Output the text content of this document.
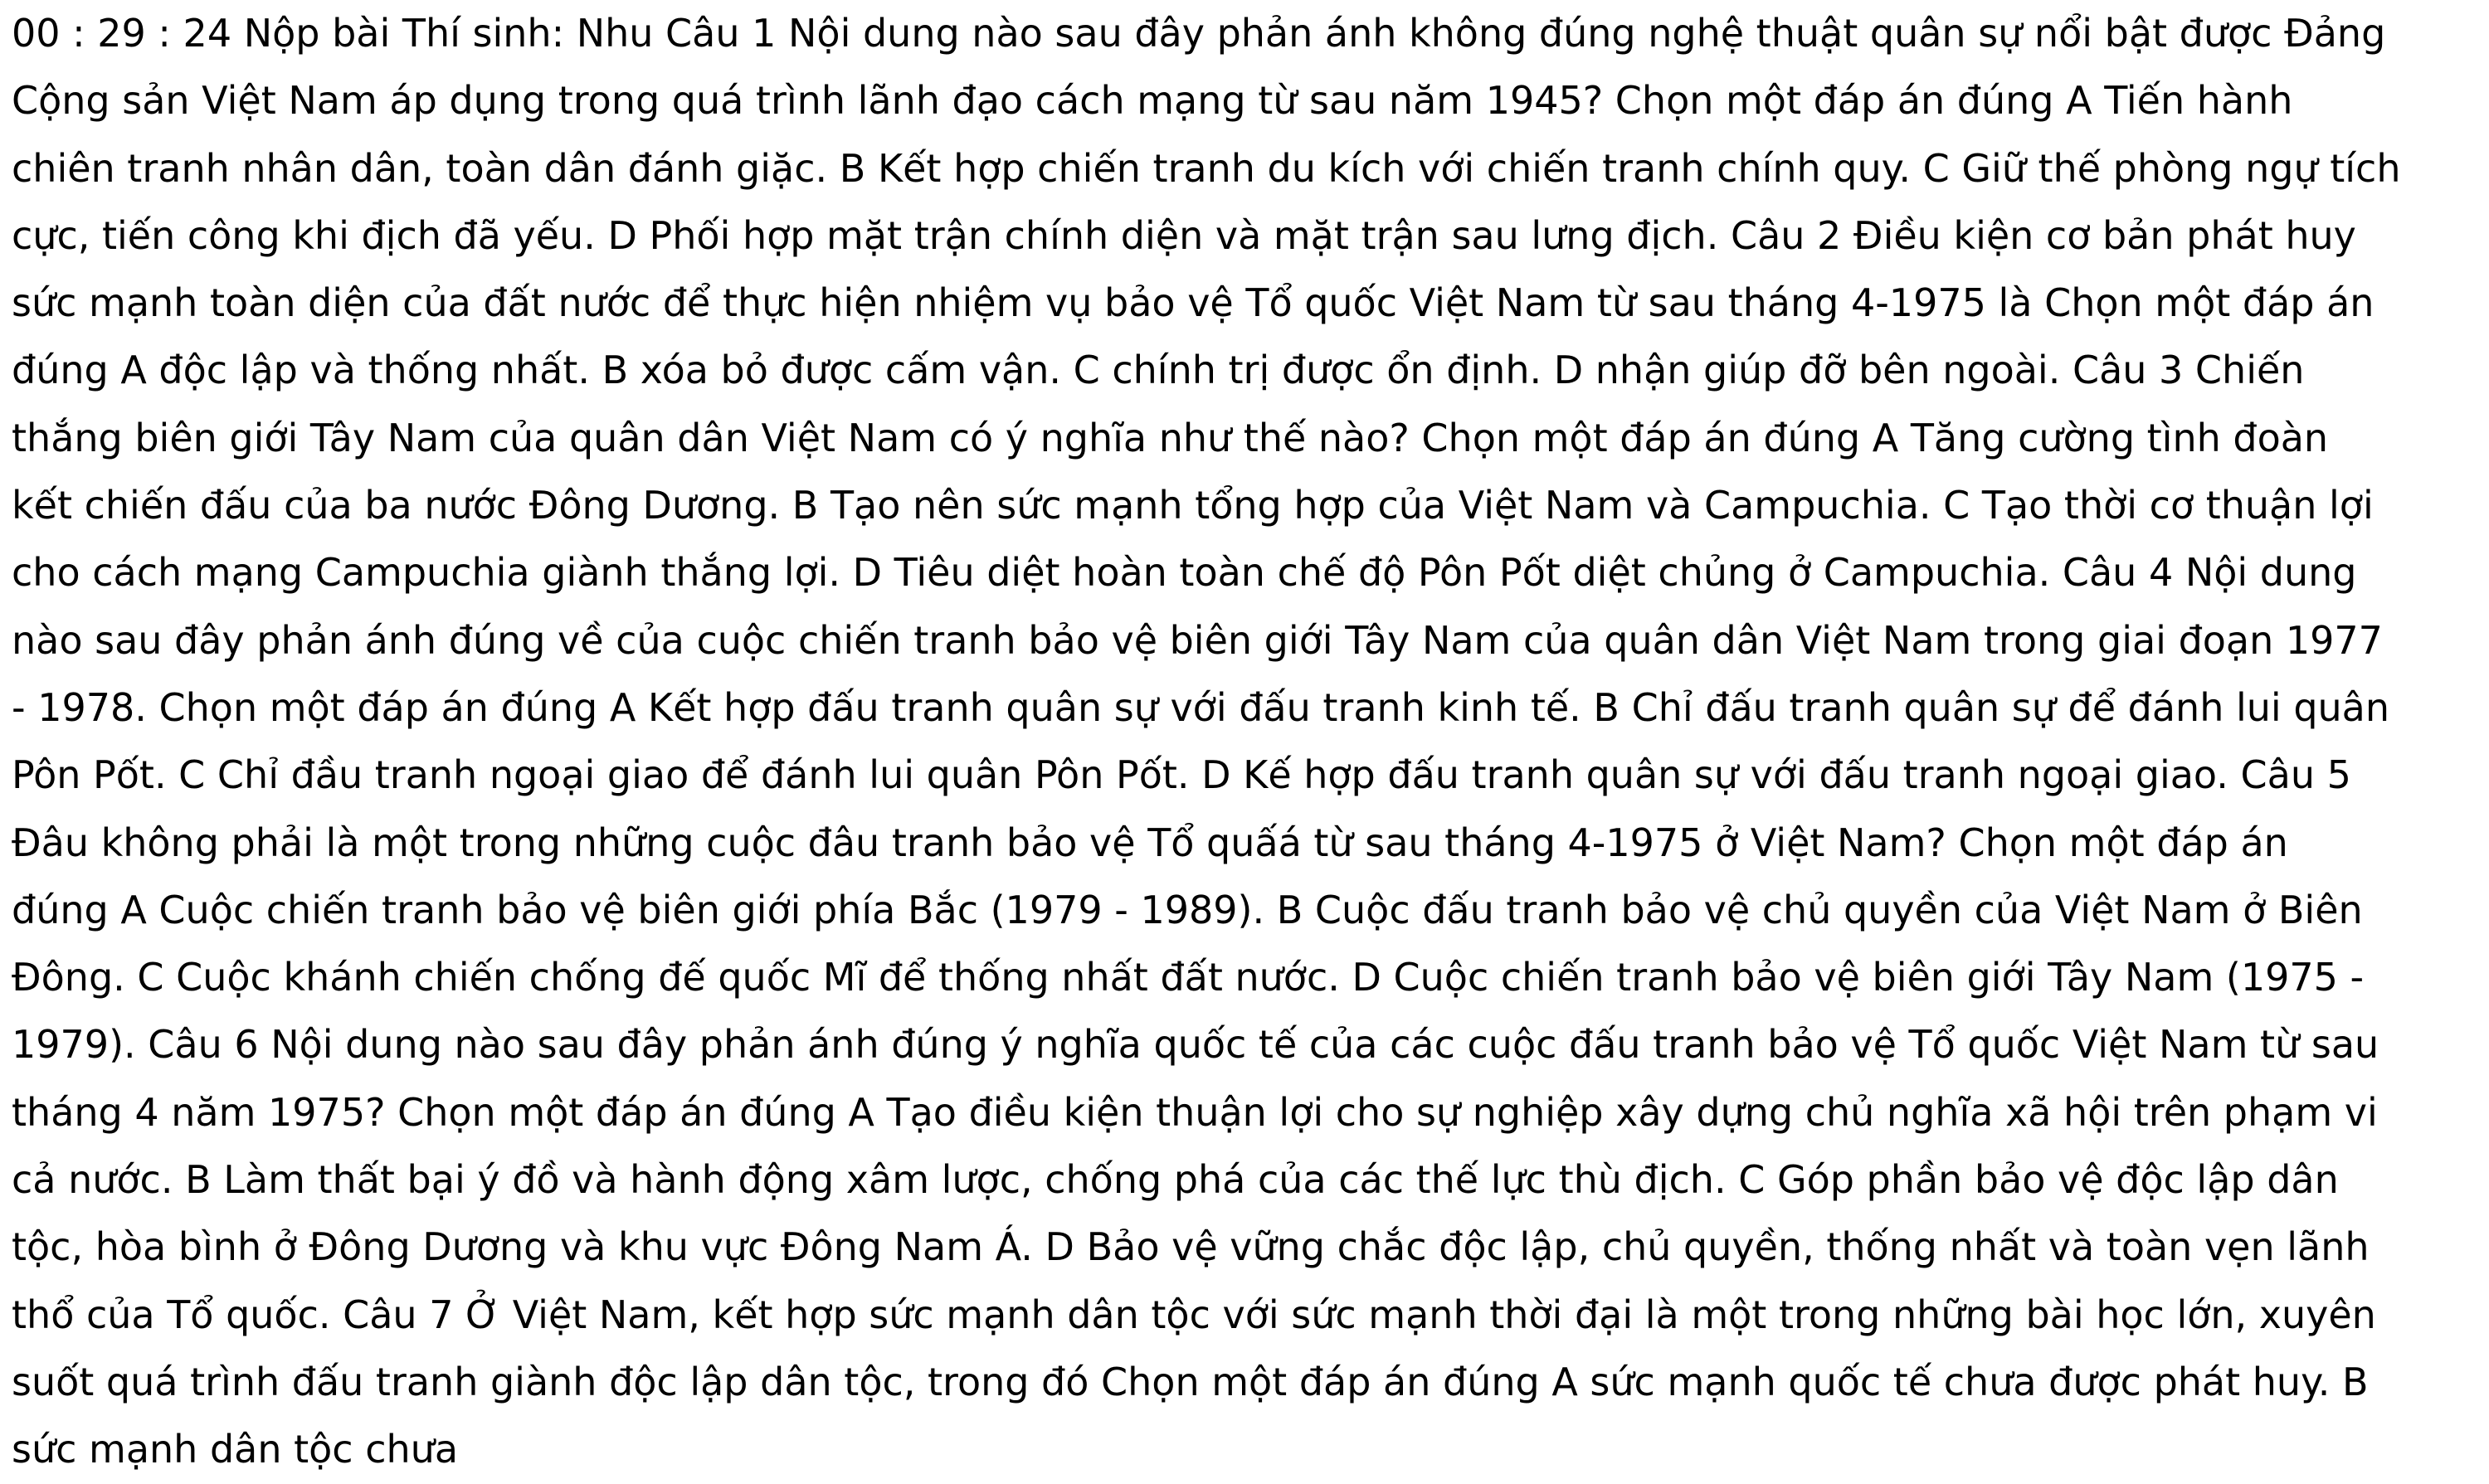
00 : 29 : 24 Nộp bài Thí sinh: Nhu Câu 1 Nội dung nào sau đây phản ánh không đúng nghệ thuật quân sự nổi bật được Đảng
Cộng sản Việt Nam áp dụng trong quá trình lãnh đạo cách mạng từ sau năm 1945? Chọn một đáp án đúng A Tiến hành
chiên tranh nhân dân, toàn dân đánh giặc. B Kết hợp chiến tranh du kích với chiến tranh chính quy. C Giữ thế phòng ngự tích
cực, tiến công khi địch đã yếu. D Phối hợp mặt trận chính diện và mặt trận sau lưng địch. Câu 2 Điều kiện cơ bản phát huy
sức mạnh toàn diện của đất nước để thực hiện nhiệm vụ bảo vệ Tổ quốc Việt Nam từ sau tháng 4-1975 là Chọn một đáp án
đúng A độc lập và thống nhất. B xóa bỏ được cấm vận. C chính trị được ổn định. D nhận giúp đỡ bên ngoài. Câu 3 Chiến
thắng biên giới Tây Nam của quân dân Việt Nam có ý nghĩa như thế nào? Chọn một đáp án đúng A Tăng cường tình đoàn
kết chiến đấu của ba nước Đông Dương. B Tạo nên sức mạnh tổng hợp của Việt Nam và Campuchia. C Tạo thời cơ thuận lợi
cho cách mạng Campuchia giành thắng lợi. D Tiêu diệt hoàn toàn chế độ Pôn Pốt diệt chủng ở Campuchia. Câu 4 Nội dung
nào sau đây phản ánh đúng về của cuộc chiến tranh bảo vệ biên giới Tây Nam của quân dân Việt Nam trong giai đoạn 1977
- 1978. Chọn một đáp án đúng A Kết hợp đấu tranh quân sự với đấu tranh kinh tế. B Chỉ đấu tranh quân sự để đánh lui quân
Pôn Pốt. C Chỉ đầu tranh ngoại giao để đánh lui quân Pôn Pốt. D Kế hợp đấu tranh quân sự với đấu tranh ngoại giao. Câu 5
Đâu không phải là một trong những cuộc đâu tranh bảo vệ Tổ quấá từ sau tháng 4-1975 ở Việt Nam? Chọn một đáp án
đúng A Cuộc chiến tranh bảo vệ biên giới phía Bắc (1979 - 1989). B Cuộc đấu tranh bảo vệ chủ quyền của Việt Nam ở Biên
Đông. C Cuộc khánh chiến chống đế quốc Mĩ để thống nhất đất nước. D Cuộc chiến tranh bảo vệ biên giới Tây Nam (1975 -
1979). Câu 6 Nội dung nào sau đây phản ánh đúng ý nghĩa quốc tế của các cuộc đấu tranh bảo vệ Tổ quốc Việt Nam từ sau
tháng 4 năm 1975? Chọn một đáp án đúng A Tạo điều kiện thuận lợi cho sự nghiệp xây dựng chủ nghĩa xã hội trên phạm vi
cả nước. B Làm thất bại ý đồ và hành động xâm lược, chống phá của các thế lực thù địch. C Góp phần bảo vệ độc lập dân
tộc, hòa bình ở Đông Dương và khu vực Đông Nam Á. D Bảo vệ vững chắc độc lập, chủ quyền, thống nhất và toàn vẹn lãnh
thổ của Tổ quốc. Câu 7 Ở Việt Nam, kết hợp sức mạnh dân tộc với sức mạnh thời đại là một trong những bài học lớn, xuyên
suốt quá trình đấu tranh giành độc lập dân tộc, trong đó Chọn một đáp án đúng A sức mạnh quốc tế chưa được phát huy. B
sức mạnh dân tộc chưa
